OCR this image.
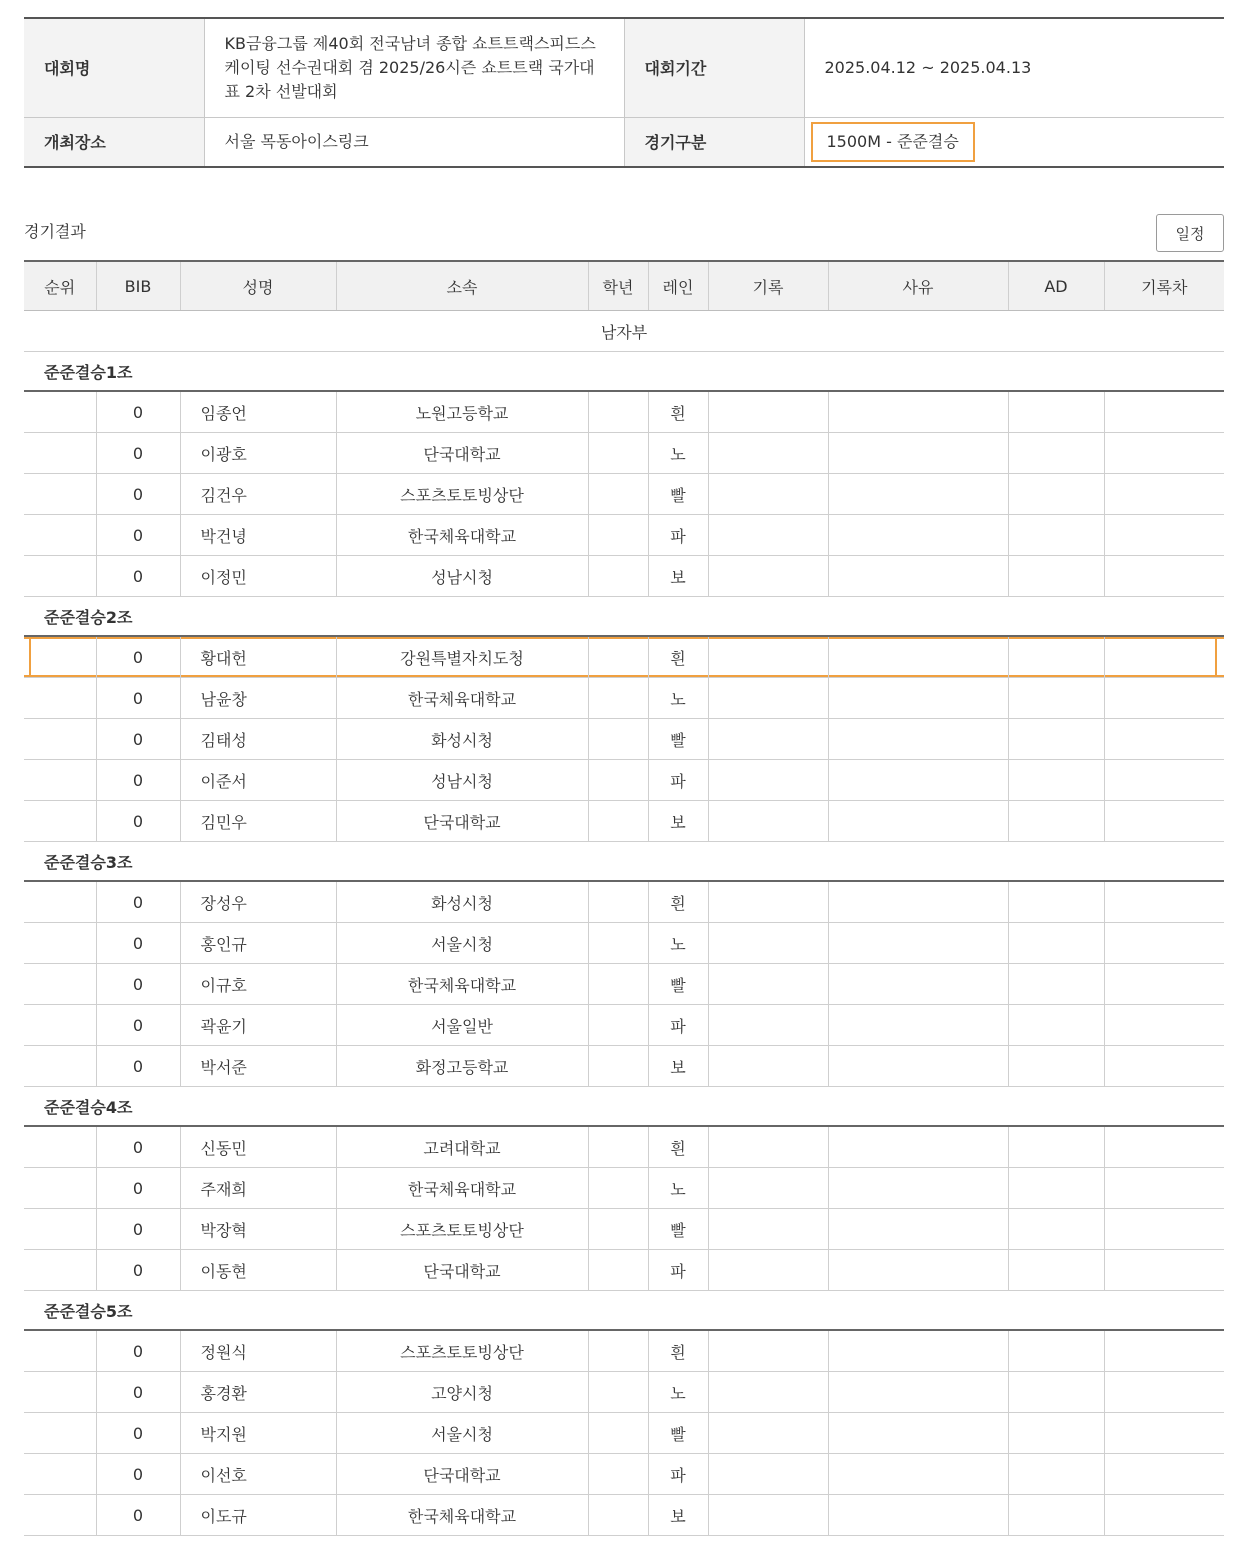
대회명	KB금융그룹 제40회 전국남녀 종합 쇼트트랙스피드스케이팅 선수권대회 겸 2025/26시즌 쇼트트랙 국가대표 2차 선발대회	대회기간	2025.04.12 ~ 2025.04.13
개최장소	서울 목동아이스링크	경기구분	1500M - 준준결승
경기결과	일정
순위	BIB	성명	소속	학년	레인	기록	사유	AD	기록차
남자부									
준준결승1조									
	0	임종언	노원고등학교		흰				
	0	이광호	단국대학교		노				
	0	김건우	스포츠토토빙상단		빨				
	0	박건녕	한국체육대학교		파				
	0	이정민	성남시청		보				
준준결승2조									
	0	황대헌	강원특별자치도청		흰				
	0	남윤창	한국체육대학교		노				
	0	김태성	화성시청		빨				
	0	이준서	성남시청		파				
	0	김민우	단국대학교		보				
준준결승3조									
	0	장성우	화성시청		흰				
	0	홍인규	서울시청		노				
	0	이규호	한국체육대학교		빨				
	0	곽윤기	서울일반		파				
	0	박서준	화정고등학교		보				
준준결승4조									
	0	신동민	고려대학교		흰				
	0	주재희	한국체육대학교		노				
	0	박장혁	스포츠토토빙상단		빨				
	0	이동현	단국대학교		파				
준준결승5조									
	0	정원식	스포츠토토빙상단		흰				
	0	홍경환	고양시청		노				
	0	박지원	서울시청		빨				
	0	이선호	단국대학교		파				
	0	이도규	한국체육대학교		보				
